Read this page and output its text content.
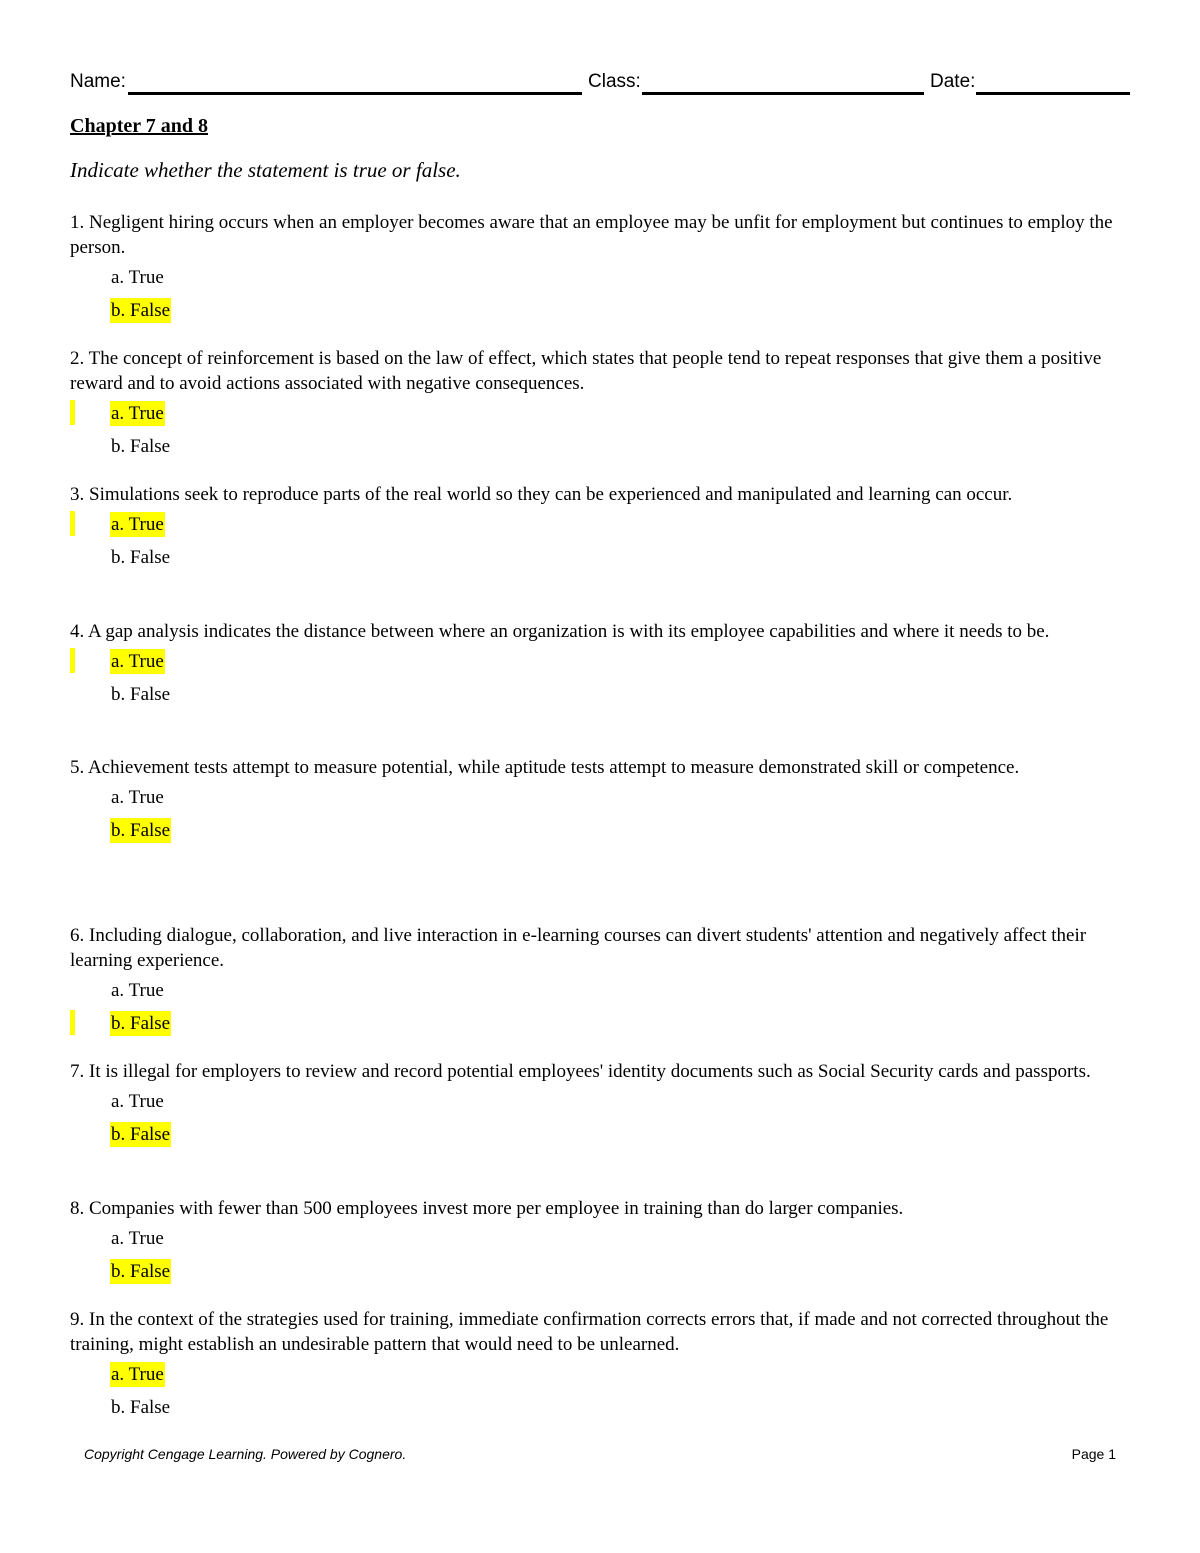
Name:	Class:	Date:
Chapter 7 and 8
Indicate whether the statement is true or false.

1. Negligent hiring occurs when an employer becomes aware that an employee may be unfit for employment but continues to employ the person.

a. True
b. False

2. The concept of reinforcement is based on the law of effect, which states that people tend to repeat responses that give them a positive reward and to avoid actions associated with negative consequences.

a. True
b. False

3. Simulations seek to reproduce parts of the real world so they can be experienced and manipulated and learning can occur.

a. True
b. False

4. A gap analysis indicates the distance between where an organization is with its employee capabilities and where it needs to be.

a. True
b. False

5. Achievement tests attempt to measure potential, while aptitude tests attempt to measure demonstrated skill or competence.

a. True
b. False

6. Including dialogue, collaboration, and live interaction in e-learning courses can divert students' attention and negatively affect their learning experience.

a. True
b. False

7. It is illegal for employers to review and record potential employees' identity documents such as Social Security cards and passports.

a. True
b. False

8. Companies with fewer than 500 employees invest more per employee in training than do larger companies.

a. True
b. False

9. In the context of the strategies used for training, immediate confirmation corrects errors that, if made and not corrected throughout the training, might establish an undesirable pattern that would need to be unlearned.

a. True
b. False
Copyright Cengage Learning. Powered by Cognero.	Page 1
